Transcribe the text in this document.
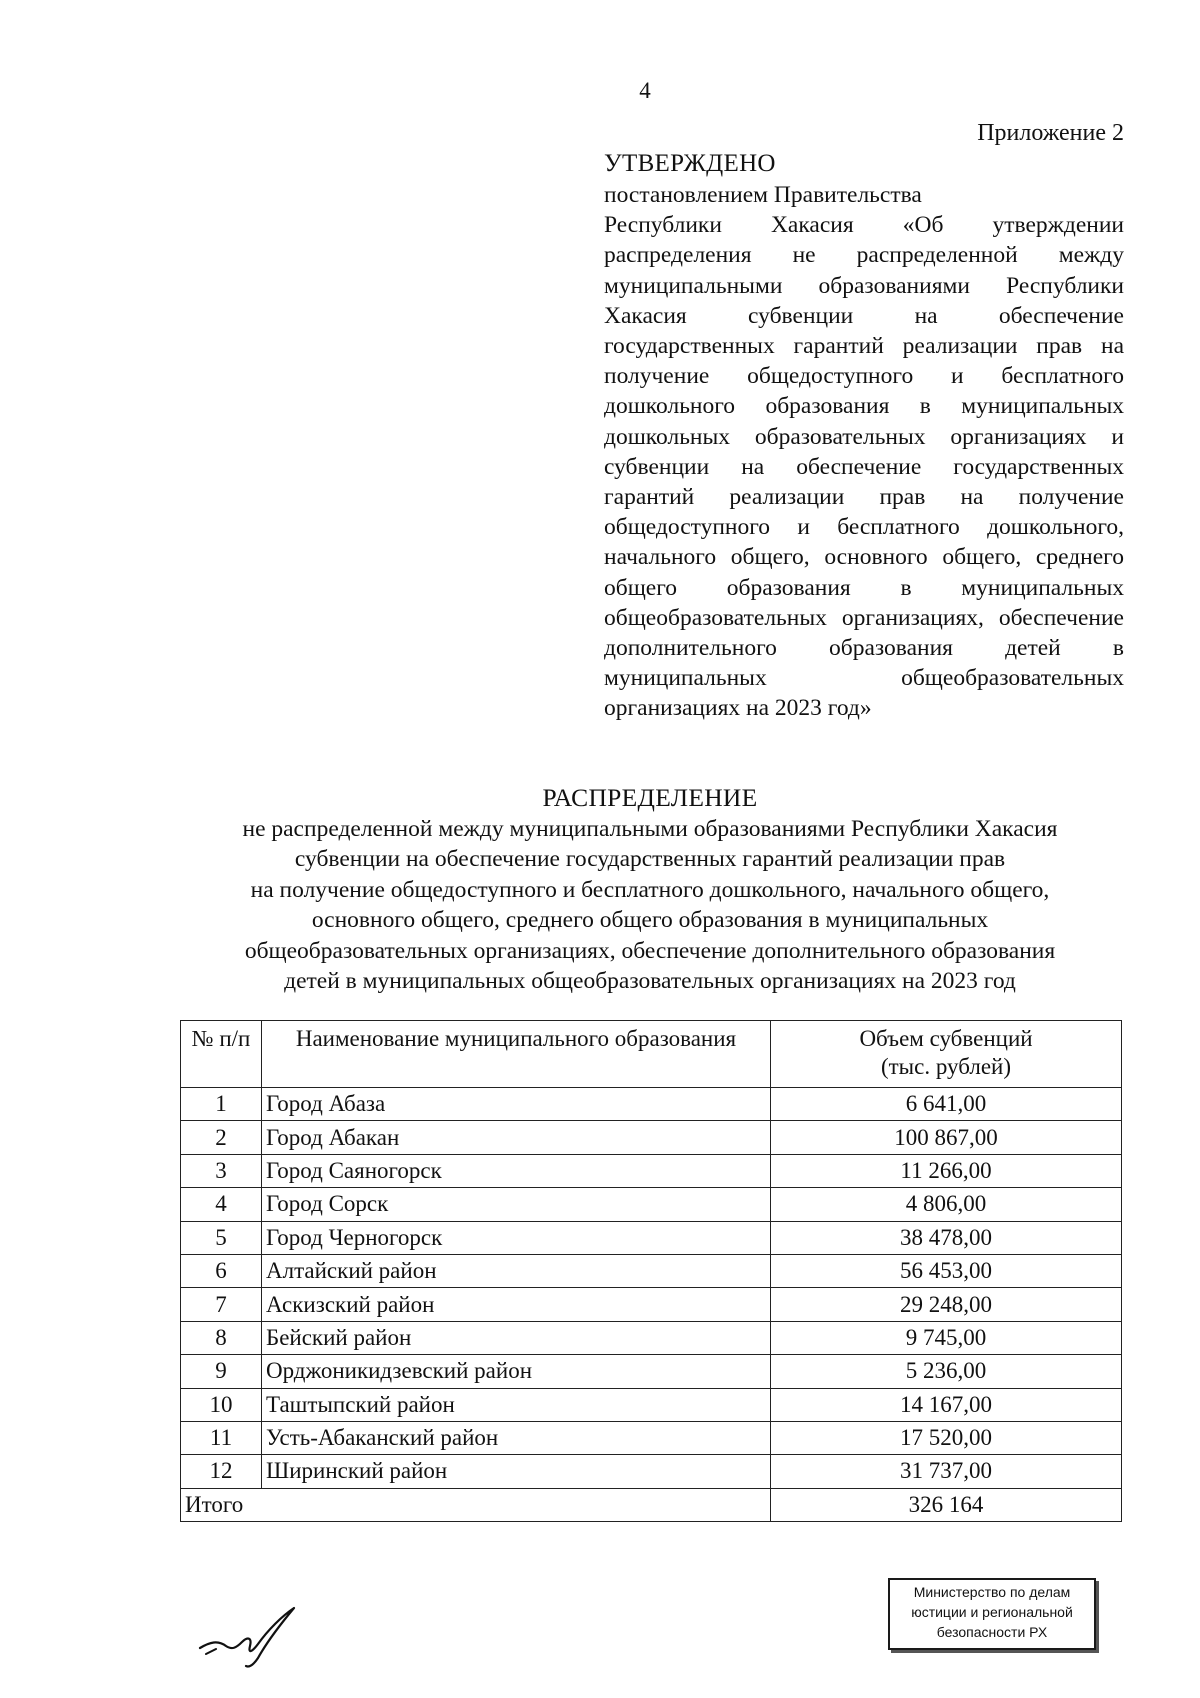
4
Приложение 2
УТВЕРЖДЕНО
постановлением Правительства

Республики Хакасия «Об утверждении распределения не распределенной между муниципальными образованиями Республики Хакасия субвенции на обеспечение государственных гарантий реализации прав на получение общедоступного и бесплатного дошкольного образования в муниципальных дошкольных образовательных организациях и субвенции на обеспечение государственных гарантий реализации прав на получение общедоступного и бесплатного дошкольного, начального общего, основного общего, среднего общего образования в муниципальных общеобразовательных организациях, обеспечение дополнительного образования детей в муниципальных общеобразовательных организациях на 2023 год»

РАСПРЕДЕЛЕНИЕ
не распределенной между муниципальными образованиями Республики Хакасия
субвенции на обеспечение государственных гарантий реализации прав
на получение общедоступного и бесплатного дошкольного, начального общего,
основного общего, среднего общего образования в муниципальных
общеобразовательных организациях, обеспечение дополнительного образования
детей в муниципальных общеобразовательных организациях на 2023 год
№ п/п	Наименование муниципального образования	Объем субвенций
(тыс. рублей)
1	Город Абаза	6 641,00
2	Город Абакан	100 867,00
3	Город Саяногорск	11 266,00
4	Город Сорск	4 806,00
5	Город Черногорск	38 478,00
6	Алтайский район	56 453,00
7	Аскизский район	29 248,00
8	Бейский район	9 745,00
9	Орджоникидзевский район	5 236,00
10	Таштыпский район	14 167,00
11	Усть-Абаканский район	17 520,00
12	Ширинский район	31 737,00
Итого		326 164
Министерство по делам
юстиции и региональной
безопасности РХ
